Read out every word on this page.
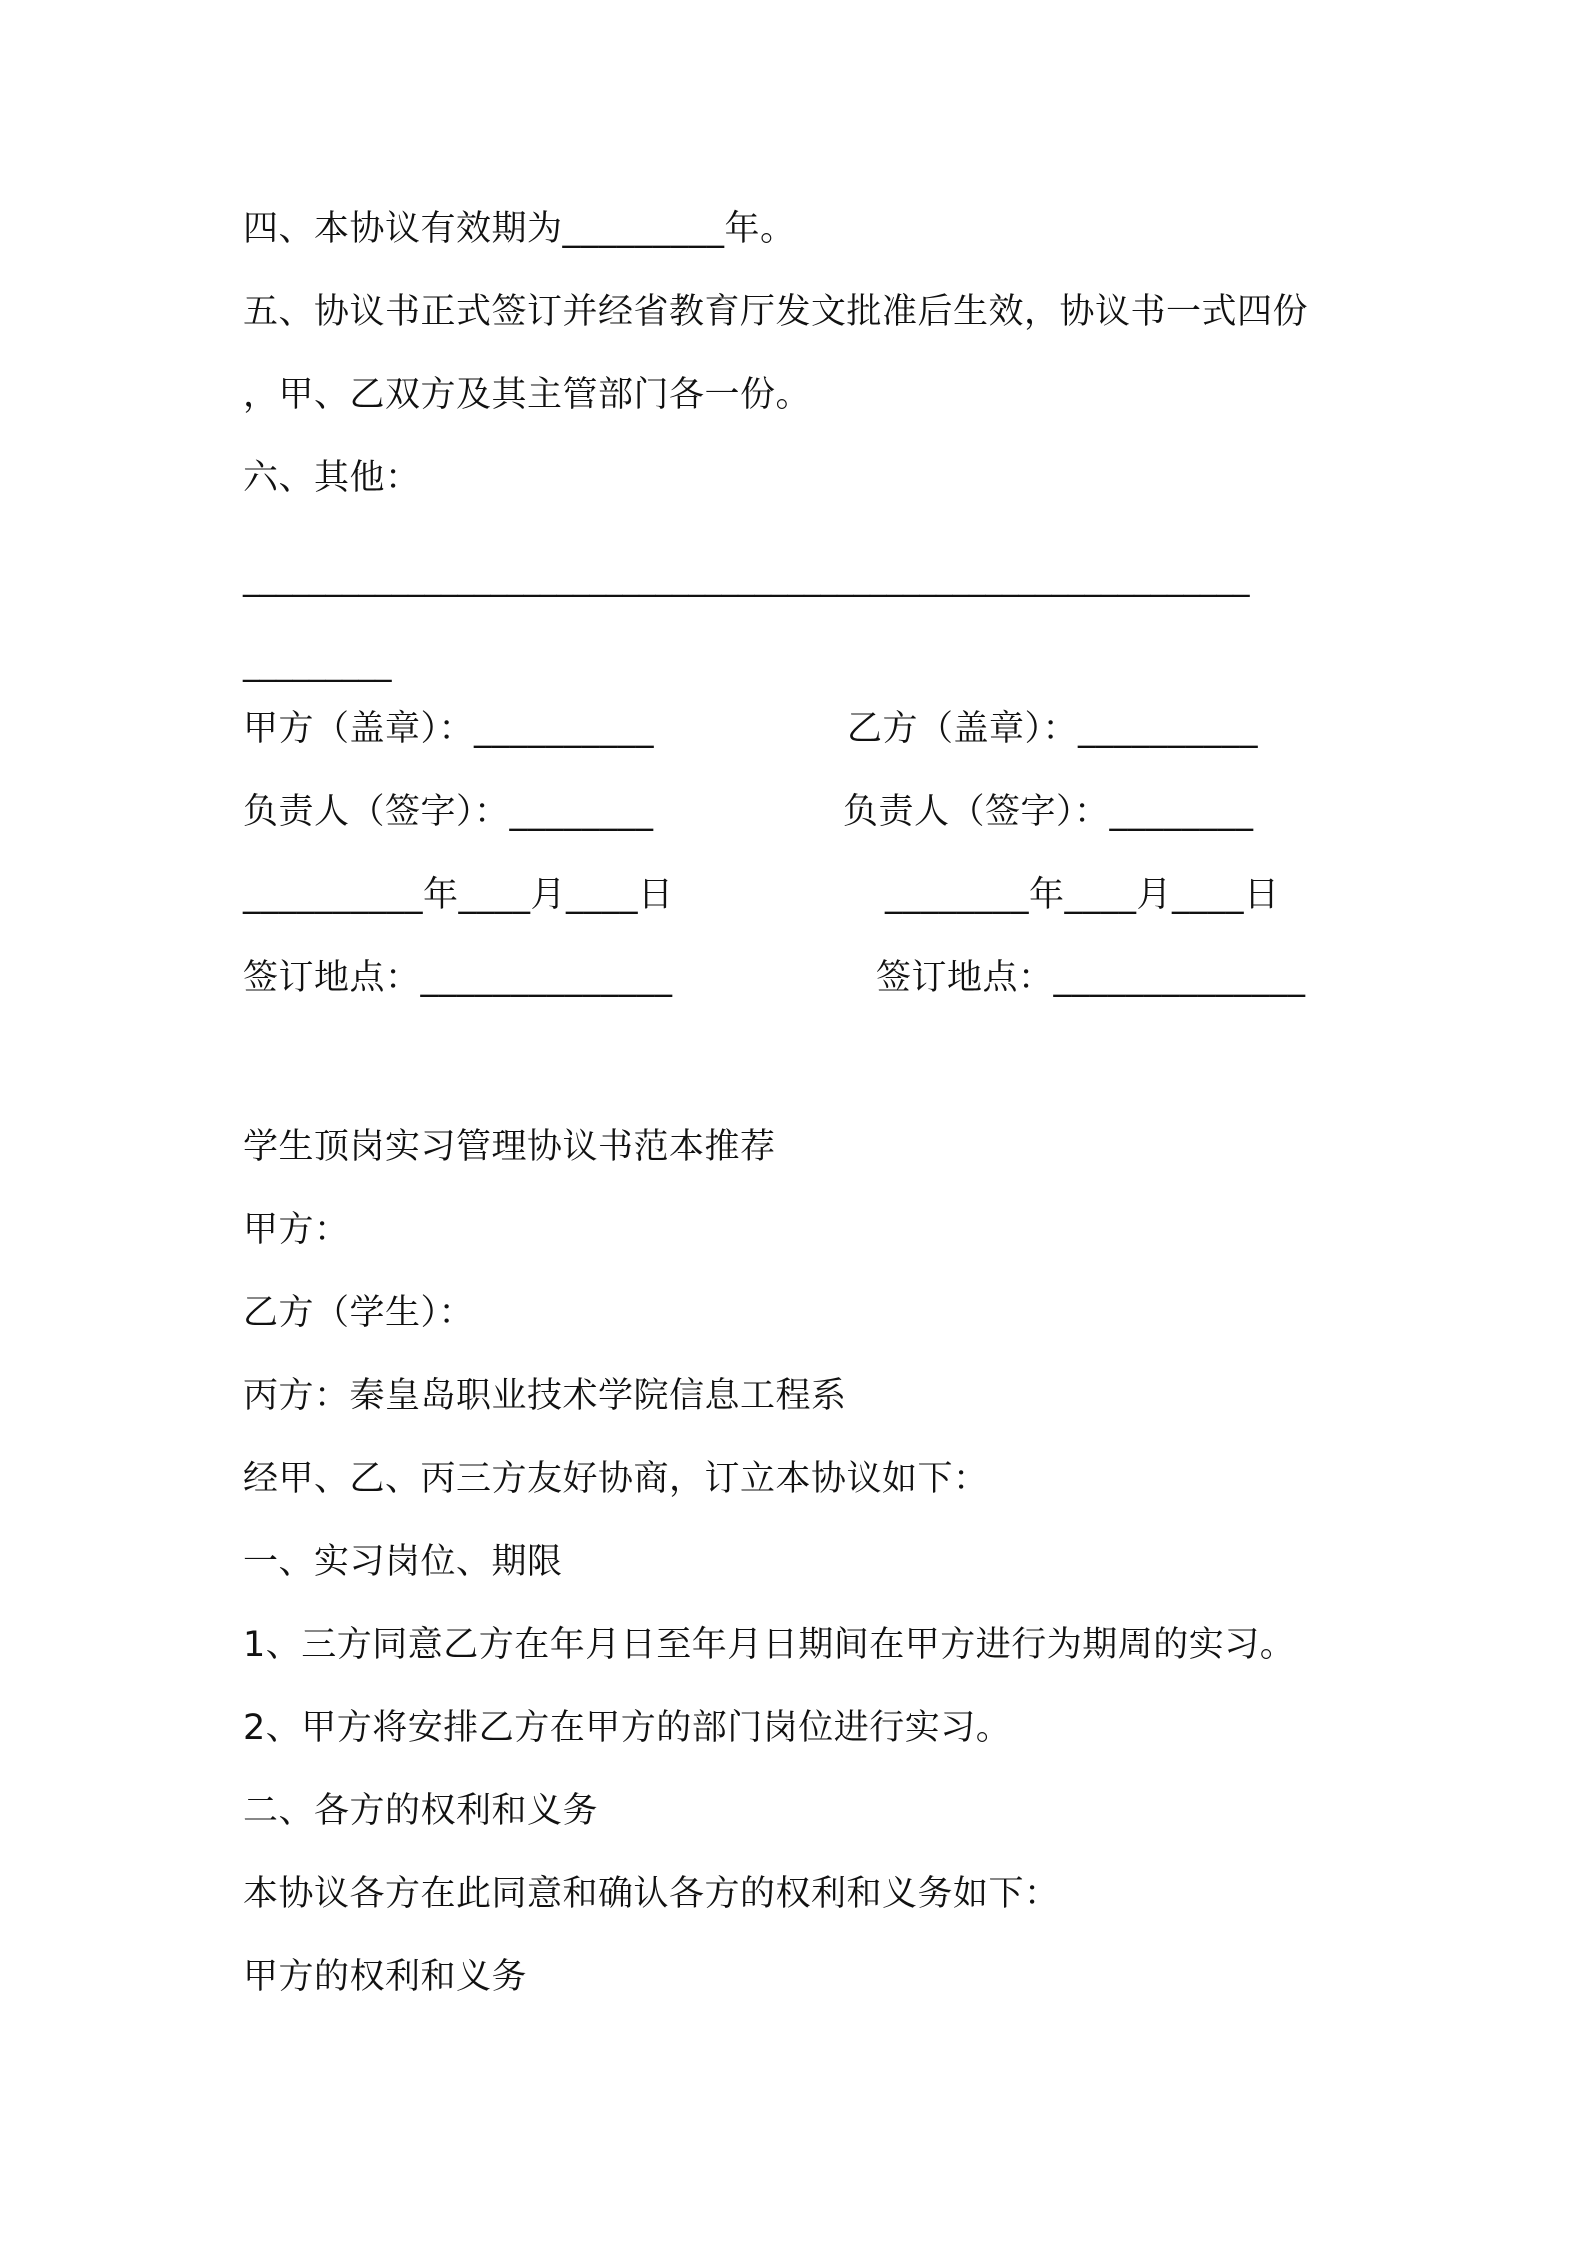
四、本协议有效期为_________年。
五、协议书正式签订并经省教育厅发文批准后生效，协议书一式四份
，甲、乙双方及其主管部门各一份。
六、其他：
_____________________________________________________________
_________
甲方（盖章）：__________	乙方（盖章）：__________
负责人（签字）：________	负责人（签字）：________
__________年____月____日	________年____月____日
签订地点：______________	签订地点：______________
学生顶岗实习管理协议书范本推荐
甲方：
乙方（学生）：
丙方：秦皇岛职业技术学院信息工程系
经甲、乙、丙三方友好协商，订立本协议如下：
一、实习岗位、期限
1、三方同意乙方在年月日至年月日期间在甲方进行为期周的实习。
2、甲方将安排乙方在甲方的部门岗位进行实习。
二、各方的权利和义务
本协议各方在此同意和确认各方的权利和义务如下：
甲方的权利和义务
